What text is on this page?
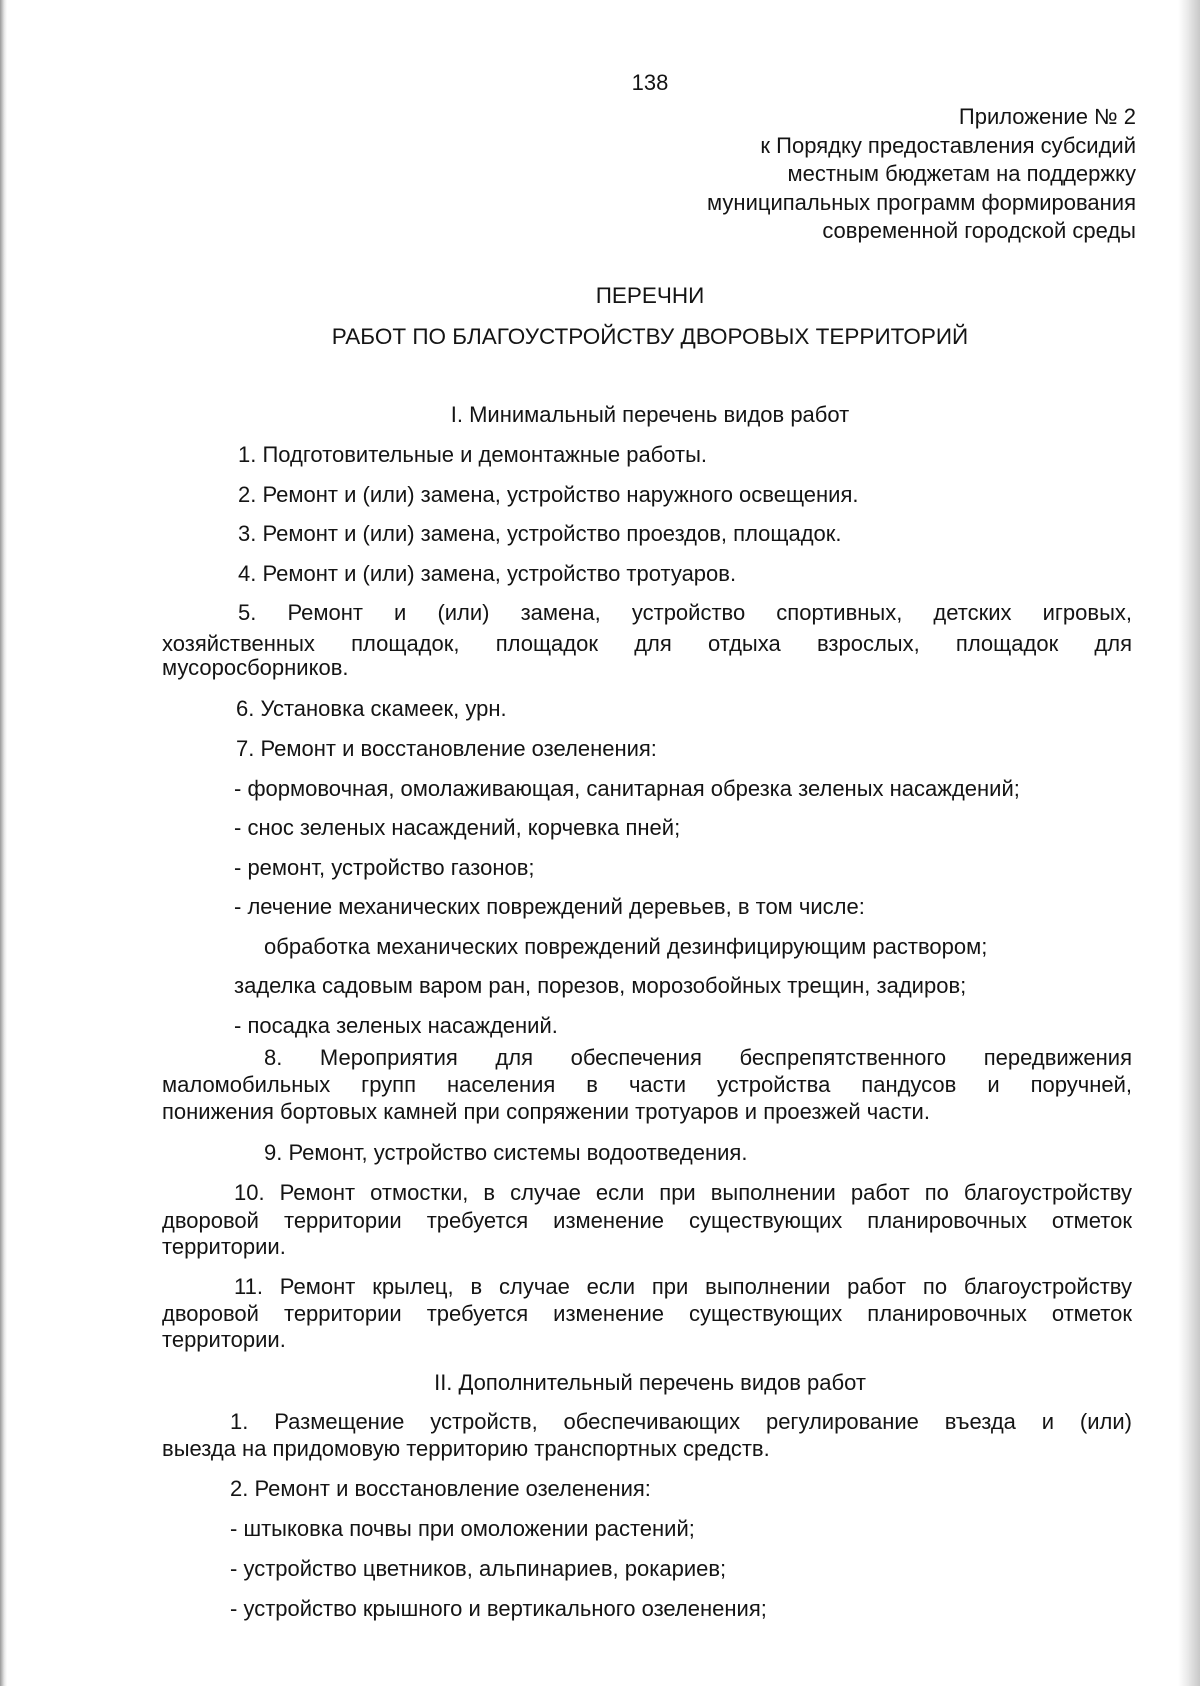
138
Приложение № 2
к Порядку предоставления субсидий
местным бюджетам на поддержку
муниципальных программ формирования
современной городской среды
ПЕРЕЧНИ
РАБОТ ПО БЛАГОУСТРОЙСТВУ ДВОРОВЫХ ТЕРРИТОРИЙ
I. Минимальный перечень видов работ
1. Подготовительные и демонтажные работы.
2. Ремонт и (или) замена, устройство наружного освещения.
3. Ремонт и (или) замена, устройство проездов, площадок.
4. Ремонт и (или) замена, устройство тротуаров.
5. Ремонт и (или) замена, устройство спортивных, детских игровых,
хозяйственных площадок, площадок для отдыха взрослых, площадок для
мусоросборников.
6. Установка скамеек, урн.
7. Ремонт и восстановление озеленения:
- формовочная, омолаживающая, санитарная обрезка зеленых насаждений;
- снос зеленых насаждений, корчевка пней;
- ремонт, устройство газонов;
- лечение механических повреждений деревьев, в том числе:
обработка механических повреждений дезинфицирующим раствором;
заделка садовым варом ран, порезов, морозобойных трещин, задиров;
- посадка зеленых насаждений.
8. Мероприятия для обеспечения беспрепятственного передвижения
маломобильных групп населения в части устройства пандусов и поручней,
понижения бортовых камней при сопряжении тротуаров и проезжей части.
9. Ремонт, устройство системы водоотведения.
10. Ремонт отмостки, в случае если при выполнении работ по благоустройству
дворовой территории требуется изменение существующих планировочных отметок
территории.
11. Ремонт крылец, в случае если при выполнении работ по благоустройству
дворовой территории требуется изменение существующих планировочных отметок
территории.
II. Дополнительный перечень видов работ
1. Размещение устройств, обеспечивающих регулирование въезда и (или)
выезда на придомовую территорию транспортных средств.
2. Ремонт и восстановление озеленения:
- штыковка почвы при омоложении растений;
- устройство цветников, альпинариев, рокариев;
- устройство крышного и вертикального озеленения;
